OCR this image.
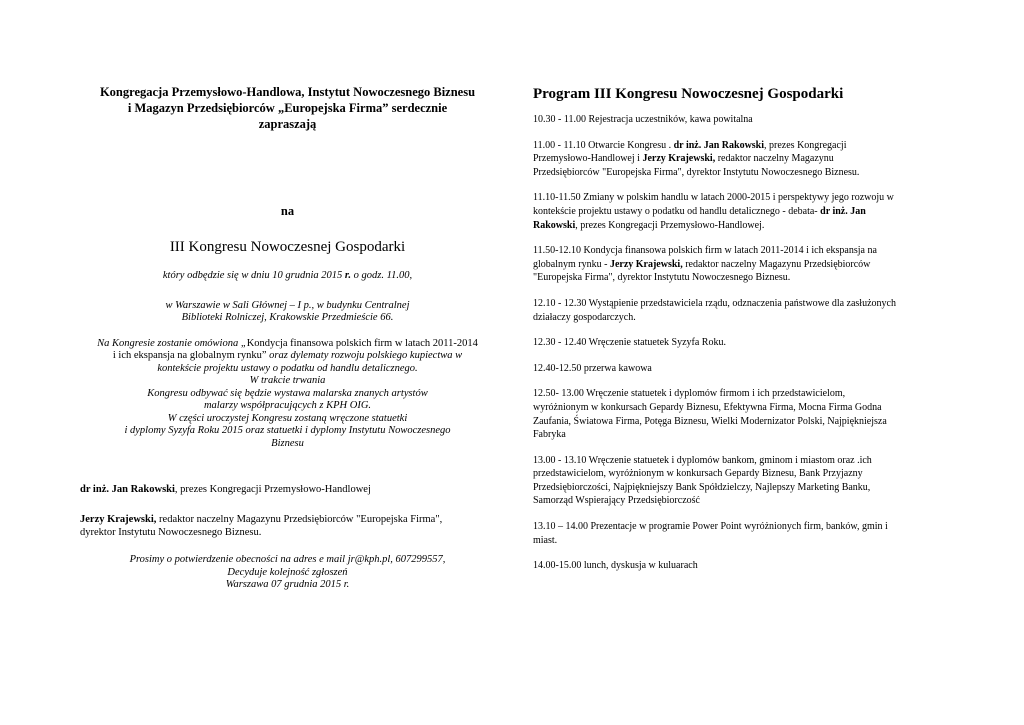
Kongregacja Przemysłowo-Handlowa, Instytut Nowoczesnego Biznesu
i Magazyn Przedsiębiorców „Europejska Firma” serdecznie
zapraszają
na
III Kongresu Nowoczesnej Gospodarki
który odbędzie się w dniu 10 grudnia 2015 r. o godz. 11.00,
w Warszawie w Sali Głównej – I p., w budynku Centralnej
Biblioteki Rolniczej, Krakowskie Przedmieście 66.
Na Kongresie zostanie omówiona „Kondycja finansowa polskich firm w latach 2011-2014
i ich ekspansja na globalnym rynku” oraz dylematy rozwoju polskiego kupiectwa w
kontekście projektu ustawy o podatku od handlu detalicznego.
W trakcie trwania
Kongresu odbywać się będzie wystawa malarska znanych artystów
malarzy współpracujących z KPH OIG.
W części uroczystej Kongresu zostaną wręczone statuetki
i dyplomy Syzyfa Roku 2015 oraz statuetki i dyplomy Instytutu Nowoczesnego
Biznesu
dr inż. Jan Rakowski, prezes Kongregacji Przemysłowo-Handlowej
Jerzy Krajewski, redaktor naczelny Magazynu Przedsiębiorców "Europejska Firma",
dyrektor Instytutu Nowoczesnego Biznesu.
Prosimy o potwierdzenie obecności na adres e mail jr@kph.pl, 607299557,
Decyduje kolejność zgłoszeń
Warszawa 07 grudnia 2015 r.
Program III Kongresu Nowoczesnej Gospodarki
10.30 - 11.00 Rejestracja uczestników, kawa powitalna
11.00 - 11.10 Otwarcie Kongresu . dr inż. Jan Rakowski, prezes Kongregacji
Przemysłowo-Handlowej i Jerzy Krajewski, redaktor naczelny Magazynu
Przedsiębiorców "Europejska Firma", dyrektor Instytutu Nowoczesnego Biznesu.
11.10-11.50 Zmiany w polskim handlu w latach 2000-2015 i perspektywy jego rozwoju w
kontekście projektu ustawy o podatku od handlu detalicznego - debata- dr inż. Jan
Rakowski, prezes Kongregacji Przemysłowo-Handlowej.
11.50-12.10 Kondycja finansowa polskich firm w latach 2011-2014 i ich ekspansja na
globalnym rynku - Jerzy Krajewski, redaktor naczelny Magazynu Przedsiębiorców
"Europejska Firma", dyrektor Instytutu Nowoczesnego Biznesu.
12.10 - 12.30 Wystąpienie przedstawiciela rządu, odznaczenia państwowe dla zasłużonych
działaczy gospodarczych.
12.30 - 12.40 Wręczenie statuetek Syzyfa Roku.
12.40-12.50 przerwa kawowa
12.50- 13.00 Wręczenie statuetek i dyplomów firmom i ich przedstawicielom,
wyróżnionym w konkursach Gepardy Biznesu, Efektywna Firma, Mocna Firma Godna
Zaufania, Światowa Firma, Potęga Biznesu, Wielki Modernizator Polski, Najpiękniejsza
Fabryka
13.00 - 13.10 Wręczenie statuetek i dyplomów bankom, gminom i miastom oraz .ich
przedstawicielom, wyróżnionym w konkursach Gepardy Biznesu, Bank Przyjazny
Przedsiębiorczości, Najpiękniejszy Bank Spółdzielczy, Najlepszy Marketing Banku,
Samorząd Wspierający Przedsiębiorczość
13.10 – 14.00 Prezentacje w programie Power Point wyróżnionych firm, banków, gmin i
miast.
14.00-15.00 lunch, dyskusja w kuluarach
